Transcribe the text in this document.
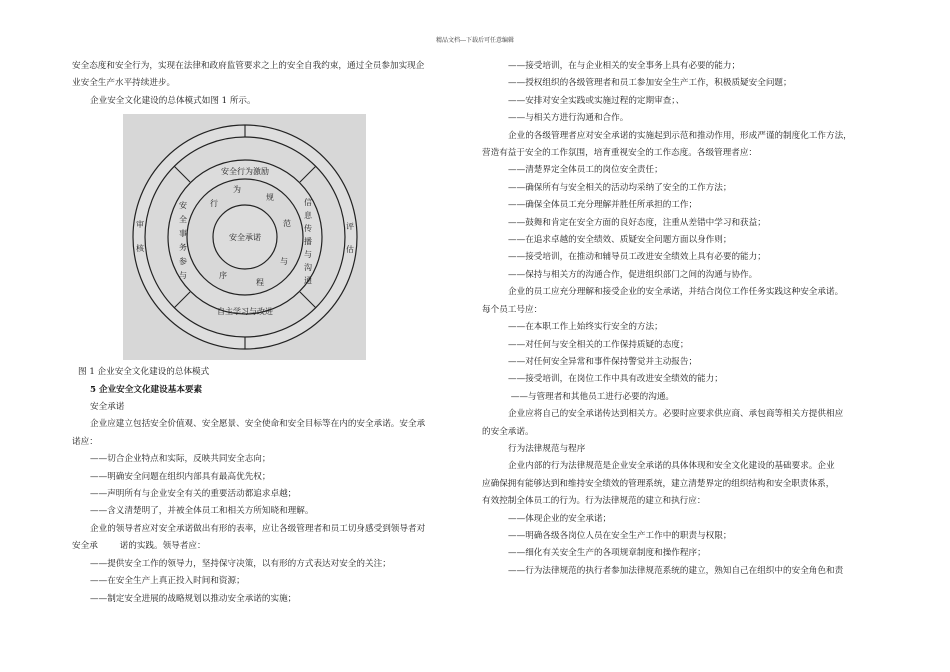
精品文档---下载后可任意编辑

安全态度和安全行为，实现在法律和政府监管要求之上的安全自我约束，通过全员参加实现企

业安全生产水平持续进步。

企业安全文化建设的总体模式如图 1 所示。

安全行为激励
自主学习与改进
安全承诺
安
全
事
务
参
与
信
息
传
播
与
沟
通
行
为
规
范
与
程
序
审
核
评
估

图 1 企业安全文化建设的总体模式

5 企业安全文化建设基本要素

安全承诺

企业应建立包括安全价值观、安全愿景、安全使命和安全目标等在内的安全承诺。安全承

诺应：

——切合企业特点和实际，反映共同安全志向；

——明确安全问题在组织内部具有最高优先权；

——声明所有与企业安全有关的重要活动都追求卓越；

——含义清楚明了，并被全体员工和相关方所知晓和理解。

企业的领导者应对安全承诺做出有形的表率，应让各级管理者和员工切身感受到领导者对

安全承        诺的实践。领导者应：

——提供安全工作的领导力，坚持保守决策，以有形的方式表达对安全的关注；

——在安全生产上真正投入时间和资源；

——制定安全进展的战略规划以推动安全承诺的实施；

——接受培训，在与企业相关的安全事务上具有必要的能力；

——授权组织的各级管理者和员工参加安全生产工作，积极质疑安全问题；

——安排对安全实践或实施过程的定期审查；、

——与相关方进行沟通和合作。

企业的各级管理者应对安全承诺的实施起到示范和推动作用，形成严谨的制度化工作方法，

营造有益于安全的工作氛围，培育重视安全的工作态度。各级管理者应：

——清楚界定全体员工的岗位安全责任；

——确保所有与安全相关的活动均采纳了安全的工作方法；

——确保全体员工充分理解并胜任所承担的工作；

——鼓舞和肯定在安全方面的良好态度，注重从差错中学习和获益；

——在追求卓越的安全绩效、质疑安全问题方面以身作则；

——接受培训，在推动和辅导员工改进安全绩效上具有必要的能力；

——保持与相关方的沟通合作，促进组织部门之间的沟通与协作。

企业的员工应充分理解和接受企业的安全承诺，并结合岗位工作任务实践这种安全承诺。

每个员工号应：

——在本职工作上始终实行安全的方法；

——对任何与安全相关的工作保持质疑的态度；

——对任何安全异常和事件保持警觉并主动报告；

——接受培训，在岗位工作中具有改进安全绩效的能力；

——与管理者和其他员工进行必要的沟通。

企业应将自己的安全承诺传达到相关方。必要时应要求供应商、承包商等相关方提供相应

的安全承诺。

行为法律规范与程序

企业内部的行为法律规范是企业安全承诺的具体体现和安全文化建设的基础要求。企业

应确保拥有能够达到和维持安全绩效的管理系统，建立清楚界定的组织结构和安全职责体系，

有效控制全体员工的行为。行为法律规范的建立和执行应：

——体现企业的安全承诺；

——明确各级各岗位人员在安全生产工作中的职责与权限；

——细化有关安全生产的各项规章制度和操作程序；

——行为法律规范的执行者参加法律规范系统的建立，熟知自己在组织中的安全角色和责
